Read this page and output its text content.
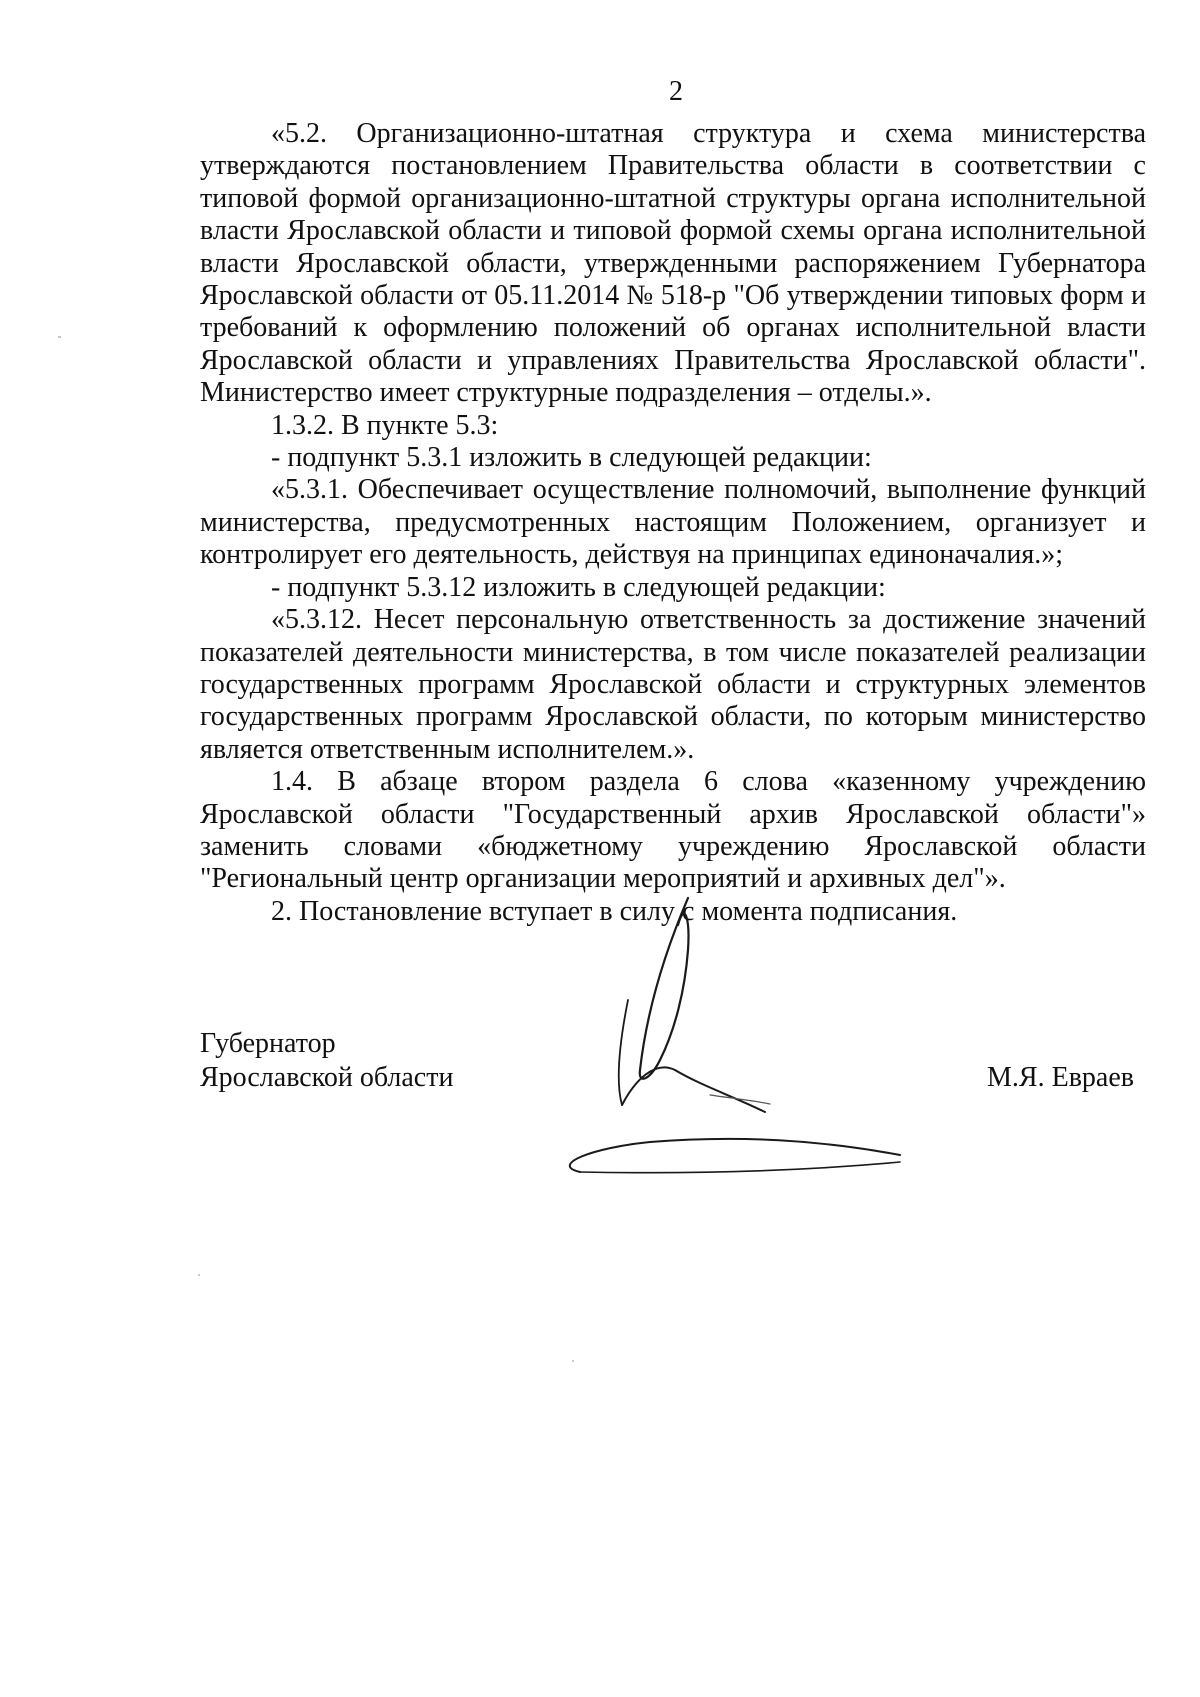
2

«5.2. Организационно-штатная структура и схема министерства утверждаются постановлением Правительства области в соответствии с типовой формой организационно-штатной структуры органа исполнительной власти Ярославской области и типовой формой схемы органа исполнительной власти Ярославской области, утвержденными распоряжением Губернатора Ярославской области от 05.11.2014 № 518-р "Об утверждении типовых форм и требований к оформлению положений об органах исполнительной власти Ярославской области и управлениях Правительства Ярославской области". Министерство имеет структурные подразделения – отделы.».

1.3.2. В пункте 5.3:

- подпункт 5.3.1 изложить в следующей редакции:

«5.3.1. Обеспечивает осуществление полномочий, выполнение функций министерства, предусмотренных настоящим Положением, организует и контролирует его деятельность, действуя на принципах единоначалия.»;

- подпункт 5.3.12 изложить в следующей редакции:

«5.3.12. Несет персональную ответственность за достижение значений показателей деятельности министерства, в том числе показателей реализации государственных программ Ярославской области и структурных элементов государственных программ Ярославской области, по которым министерство является ответственным исполнителем.».

1.4. В абзаце втором раздела 6 слова «казенному учреждению Ярославской области "Государственный архив Ярославской области"» заменить словами «бюджетному учреждению Ярославской области "Региональный центр организации мероприятий и архивных дел"».

2. Постановление вступает в силу с момента подписания.

Губернатор
Ярославской области	М.Я. Евраев
